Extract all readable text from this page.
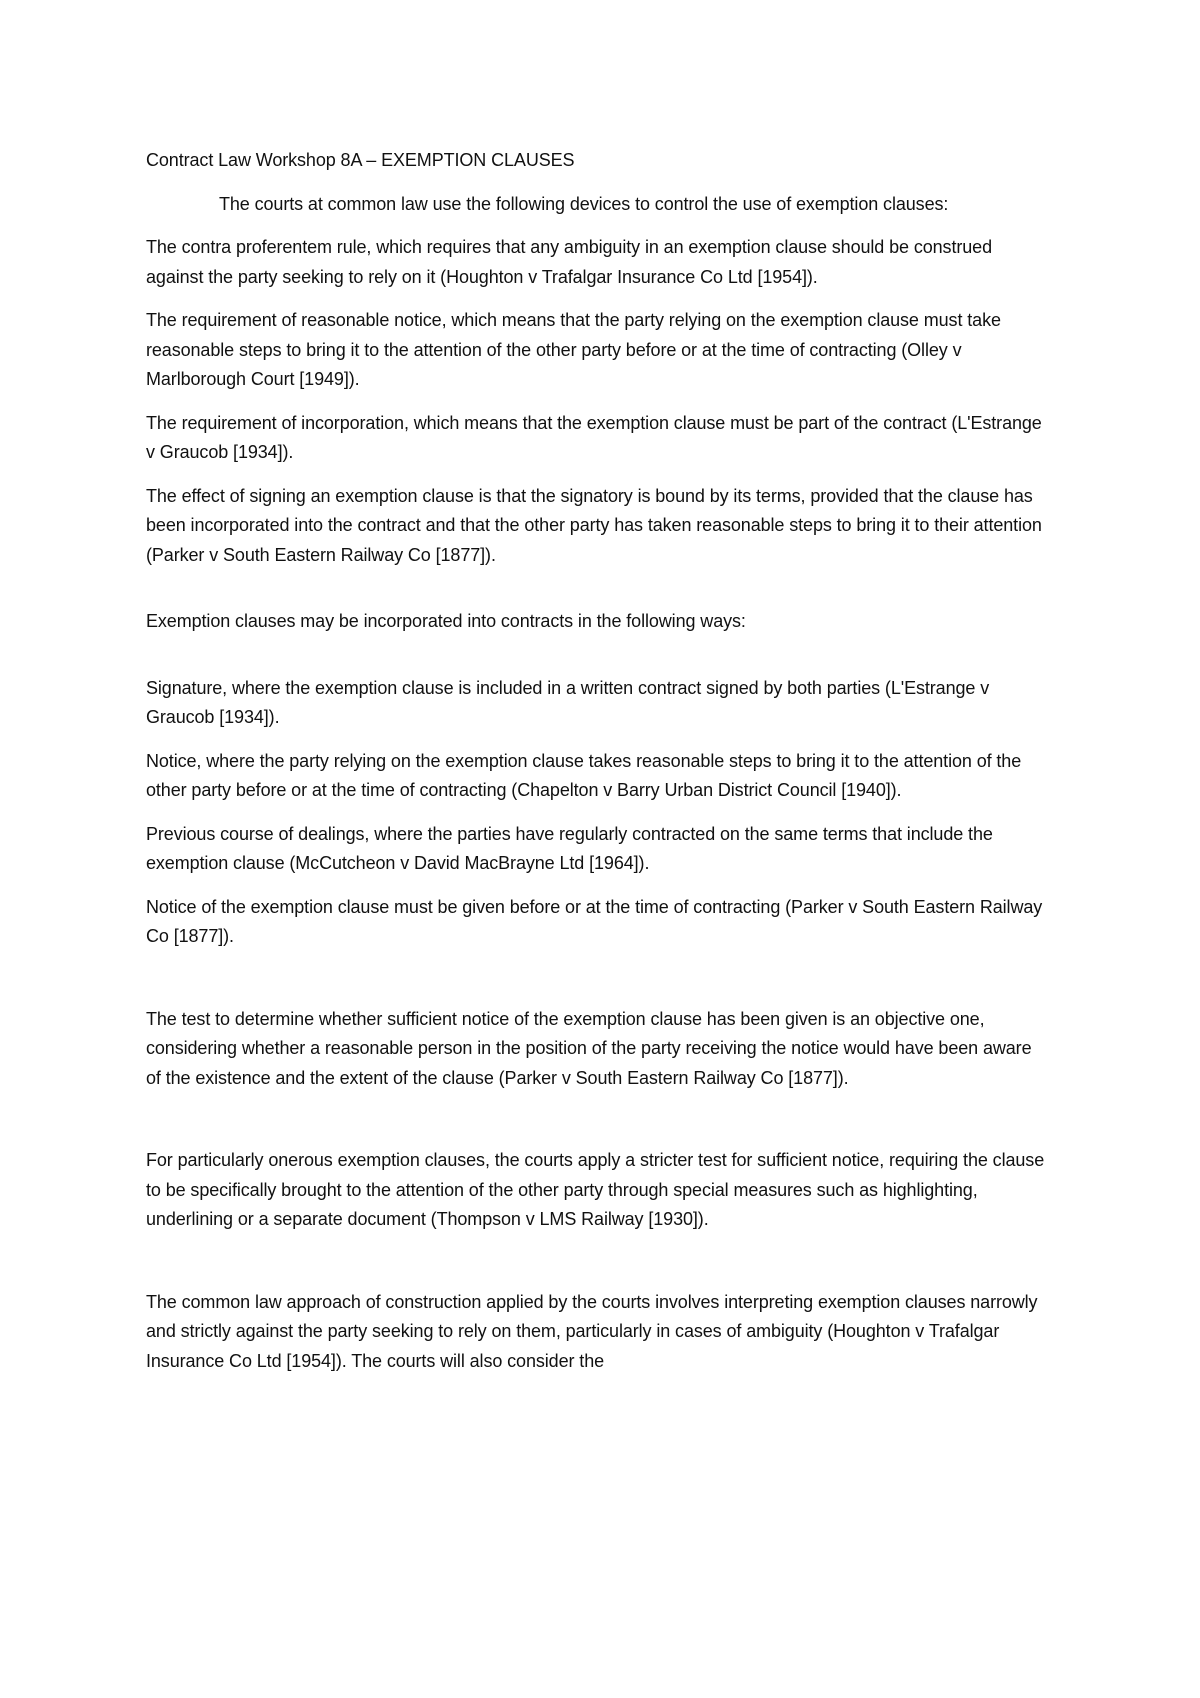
Contract Law Workshop 8A – EXEMPTION CLAUSES

The courts at common law use the following devices to control the use of exemption clauses:

The contra proferentem rule, which requires that any ambiguity in an exemption clause should be construed against the party seeking to rely on it (Houghton v Trafalgar Insurance Co Ltd [1954]).

The requirement of reasonable notice, which means that the party relying on the exemption clause must take reasonable steps to bring it to the attention of the other party before or at the time of contracting (Olley v Marlborough Court [1949]).

The requirement of incorporation, which means that the exemption clause must be part of the contract (L'Estrange v Graucob [1934]).

The effect of signing an exemption clause is that the signatory is bound by its terms, provided that the clause has been incorporated into the contract and that the other party has taken reasonable steps to bring it to their attention (Parker v South Eastern Railway Co [1877]).

Exemption clauses may be incorporated into contracts in the following ways:

Signature, where the exemption clause is included in a written contract signed by both parties (L'Estrange v Graucob [1934]).

Notice, where the party relying on the exemption clause takes reasonable steps to bring it to the attention of the other party before or at the time of contracting (Chapelton v Barry Urban District Council [1940]).

Previous course of dealings, where the parties have regularly contracted on the same terms that include the exemption clause (McCutcheon v David MacBrayne Ltd [1964]).

Notice of the exemption clause must be given before or at the time of contracting (Parker v South Eastern Railway Co [1877]).

The test to determine whether sufficient notice of the exemption clause has been given is an objective one, considering whether a reasonable person in the position of the party receiving the notice would have been aware of the existence and the extent of the clause (Parker v South Eastern Railway Co [1877]).

For particularly onerous exemption clauses, the courts apply a stricter test for sufficient notice, requiring the clause to be specifically brought to the attention of the other party through special measures such as highlighting, underlining or a separate document (Thompson v LMS Railway [1930]).

The common law approach of construction applied by the courts involves interpreting exemption clauses narrowly and strictly against the party seeking to rely on them, particularly in cases of ambiguity (Houghton v Trafalgar Insurance Co Ltd [1954]). The courts will also consider the
